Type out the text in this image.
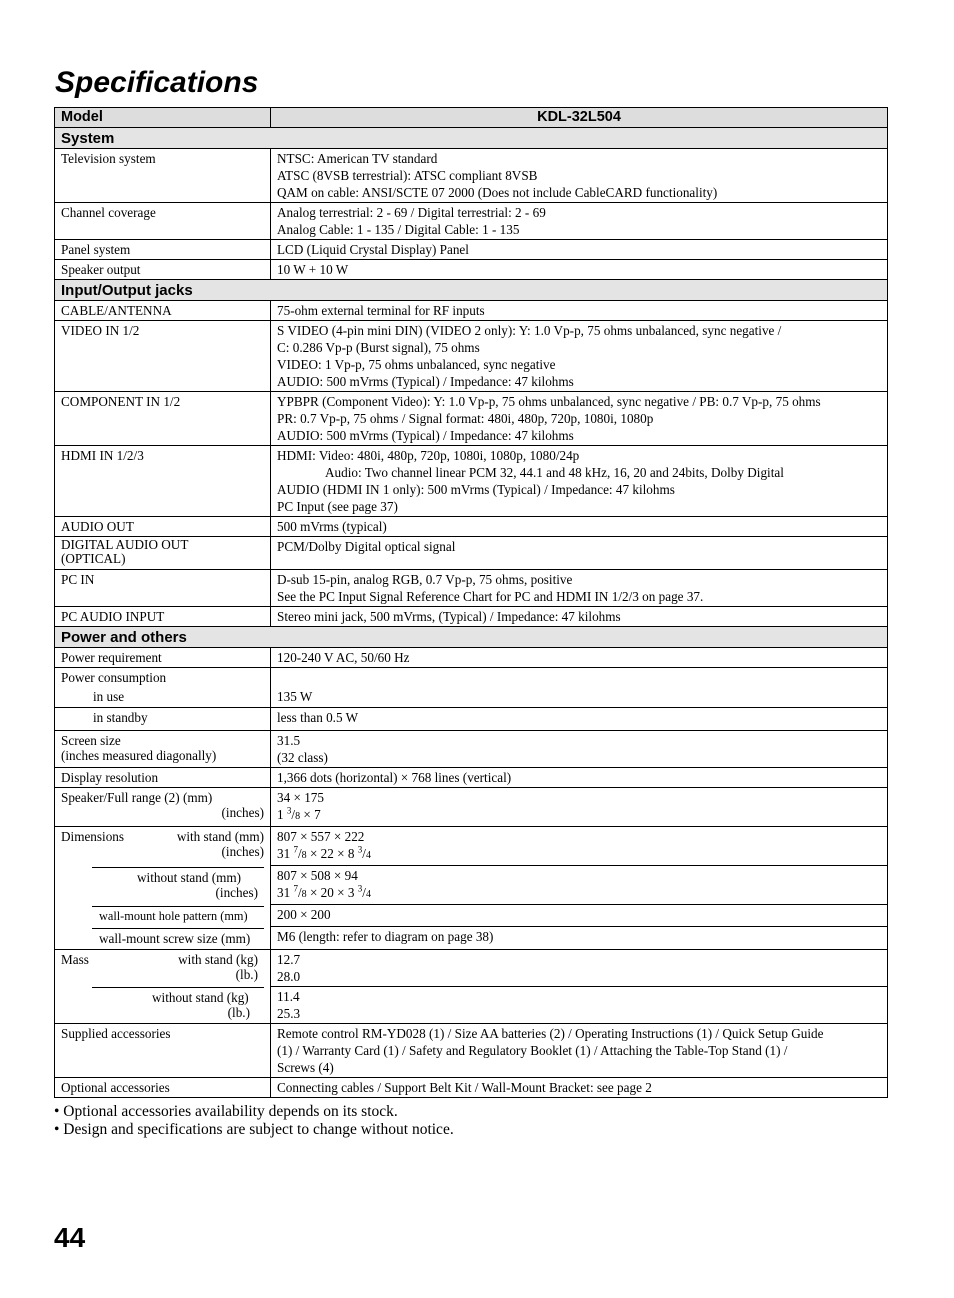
Specifications
Model	KDL-32L504
System	
Television system	NTSC: American TV standard
ATSC (8VSB terrestrial): ATSC compliant 8VSB
QAM on cable: ANSI/SCTE 07 2000 (Does not include CableCARD functionality)

Channel coverage	Analog terrestrial: 2 - 69 / Digital terrestrial: 2 - 69
Analog Cable: 1 - 135 / Digital Cable: 1 - 135

Panel system	LCD (Liquid Crystal Display) Panel
Speaker output	10 W + 10 W
Input/Output jacks	
CABLE/ANTENNA	75-ohm external terminal for RF inputs
VIDEO IN 1/2	S VIDEO (4-pin mini DIN) (VIDEO 2 only): Y: 1.0 Vp-p, 75 ohms unbalanced, sync negative /
C: 0.286 Vp-p (Burst signal), 75 ohms
VIDEO: 1 Vp-p, 75 ohms unbalanced, sync negative
AUDIO: 500 mVrms (Typical) / Impedance: 47 kilohms

COMPONENT IN 1/2	YPBPR (Component Video): Y: 1.0 Vp-p, 75 ohms unbalanced, sync negative / PB: 0.7 Vp-p, 75 ohms
PR: 0.7 Vp-p, 75 ohms / Signal format: 480i, 480p, 720p, 1080i, 1080p
AUDIO: 500 mVrms (Typical) / Impedance: 47 kilohms

HDMI IN 1/2/3	HDMI: Video: 480i, 480p, 720p, 1080i, 1080p, 1080/24p
Audio: Two channel linear PCM 32, 44.1 and 48 kHz, 16, 20 and 24bits, Dolby Digital
AUDIO (HDMI IN 1 only): 500 mVrms (Typical) / Impedance: 47 kilohms
PC Input (see page 37)

AUDIO OUT	500 mVrms (typical)

DIGITAL AUDIO OUT
(OPTICAL)	PCM/Dolby Digital optical signal
PC IN	D-sub 15-pin, analog RGB, 0.7 Vp-p, 75 ohms, positive
See the PC Input Signal Reference Chart for PC and HDMI IN 1/2/3 on page 37.

PC AUDIO INPUT	Stereo mini jack, 500 mVrms, (Typical) / Impedance: 47 kilohms
Power and others	
Power requirement	120-240 V AC, 50/60 Hz

Power consumption
in use	135 W

in standby	less than 0.5 W

Screen size
(inches measured diagonally)	31.5
(32 class)

Display resolution	1,366 dots (horizontal) × 768 lines (vertical)

Speaker/Full range (2) (mm)
(inches)	34 × 175
1 $^3$/8 × 7

Dimensions with stand (mm)
(inches)	807 × 557 × 222
31 $^7$/8 × 22 × 8 $^3$/4

without stand (mm)
(inches)	807 × 508 × 94
31 $^7$/8 × 20 × 3 $^3$/4

wall-mount hole pattern (mm)	200 × 200

wall-mount screw size (mm)	M6 (length: refer to diagram on page 38)

Mass with stand (kg)
(lb.)	12.7
28.0

without stand (kg)
(lb.)	11.4
25.3

Supplied accessories	Remote control RM-YD028 (1) / Size AA batteries (2) / Operating Instructions (1) / Quick Setup Guide
(1) / Warranty Card (1) / Safety and Regulatory Booklet (1) / Attaching the Table-Top Stand (1) /
Screws (4)

Optional accessories	Connecting cables / Support Belt Kit / Wall-Mount Bracket: see page 2
• Optional accessories availability depends on its stock.
• Design and specifications are subject to change without notice.
44
